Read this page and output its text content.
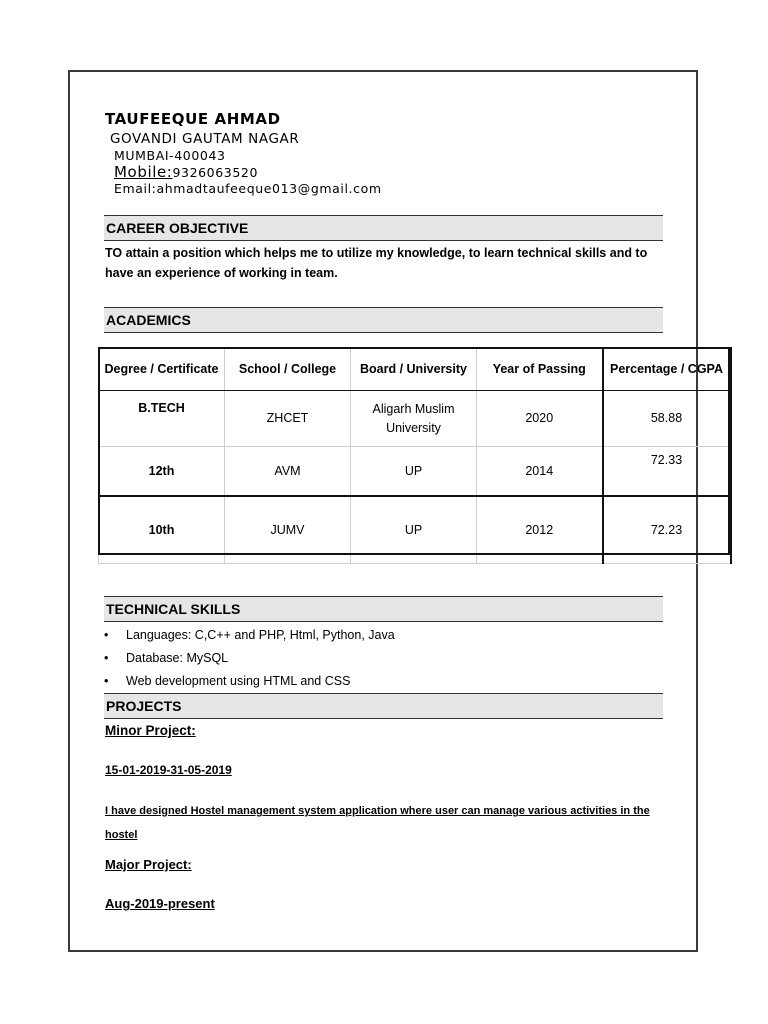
TAUFEEQUE AHMAD
GOVANDI GAUTAM NAGAR
MUMBAI-400043
Mobile:9326063520
Email:ahmadtaufeeque013@gmail.com
CAREER OBJECTIVE
TO attain a position which helps me to utilize my knowledge, to learn technical skills and to have an experience of working in team.
ACADEMICS
Degree / Certificate	School / College	Board / University	Year of Passing	Percentage / CGPA
B.TECH	ZHCET	Aligarh Muslim University	2020	58.88
12th	AVM	UP	2014	72.33
10th	JUMV	UP	2012	72.23
TECHNICAL SKILLS
• Languages: C,C++ and PHP, Html, Python, Java
• Database: MySQL
• Web development using HTML and CSS
PROJECTS
Minor Project:
15-01-2019-31-05-2019
I have designed Hostel management system application where user can manage various activities in the hostel
Major Project:
Aug-2019-present
